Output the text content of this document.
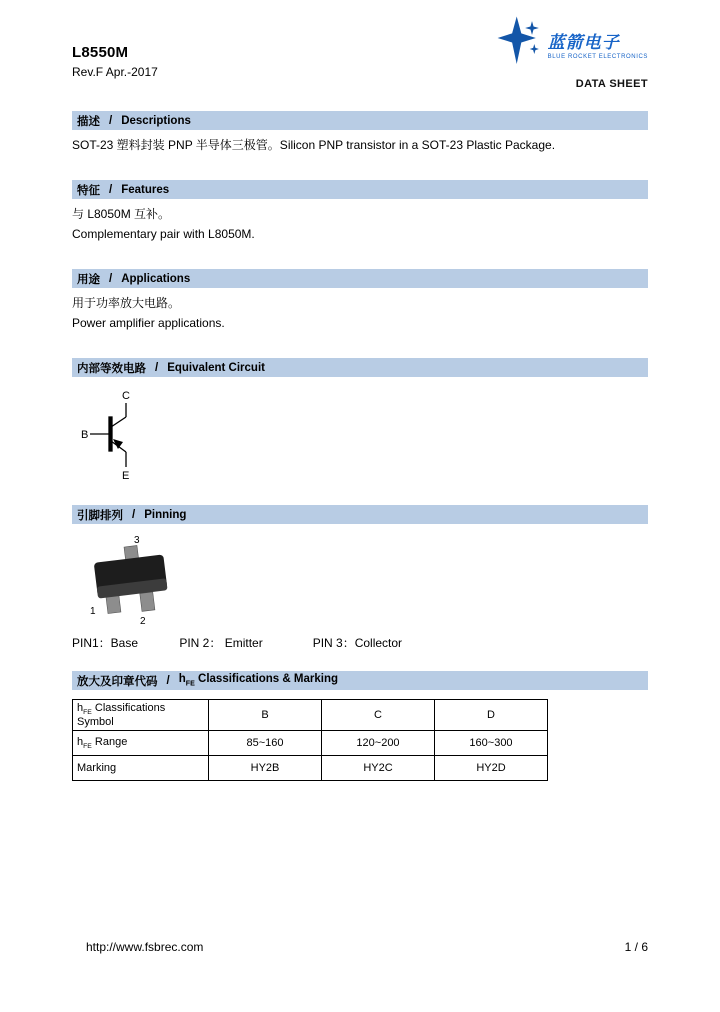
L8550M
Rev.F Apr.-2017
蓝箭电子
BLUE ROCKET ELECTRONICS
DATA SHEET
描述 / Descriptions
SOT-23 塑料封装 PNP 半导体三极管。Silicon PNP transistor in a SOT-23 Plastic Package.
特征 / Features
与 L8050M 互补。
Complementary pair with L8050M.
用途 / Applications
用于功率放大电路。
Power amplifier applications.
内部等效电路 / Equivalent Circuit
C
B
E
引脚排列 / Pinning
3
1
2
PIN1：Base	PIN 2： Emitter	PIN 3：Collector
放大及印章代码 / $h_{FE}$ Classifications & Marking
$h_{FE}$ Classifications Symbol	B	C	D
$h_{FE}$ Range	85~160	120~200	160~300
Marking	HY2B	HY2C	HY2D
http://www.fsbrec.com	1 / 6
